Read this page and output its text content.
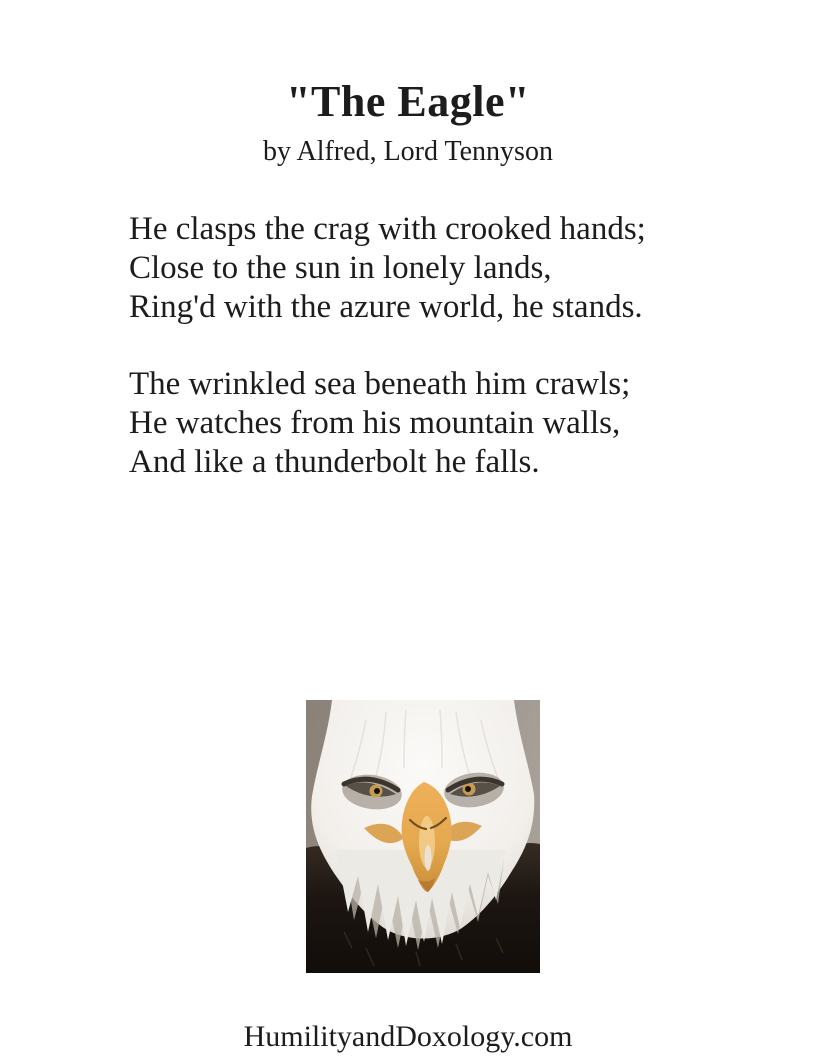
"The Eagle"
by Alfred, Lord Tennyson
He clasps the crag with crooked hands;
Close to the sun in lonely lands,
Ring'd with the azure world, he stands.
The wrinkled sea beneath him crawls;
He watches from his mountain walls,
And like a thunderbolt he falls.
HumilityandDoxology.com
